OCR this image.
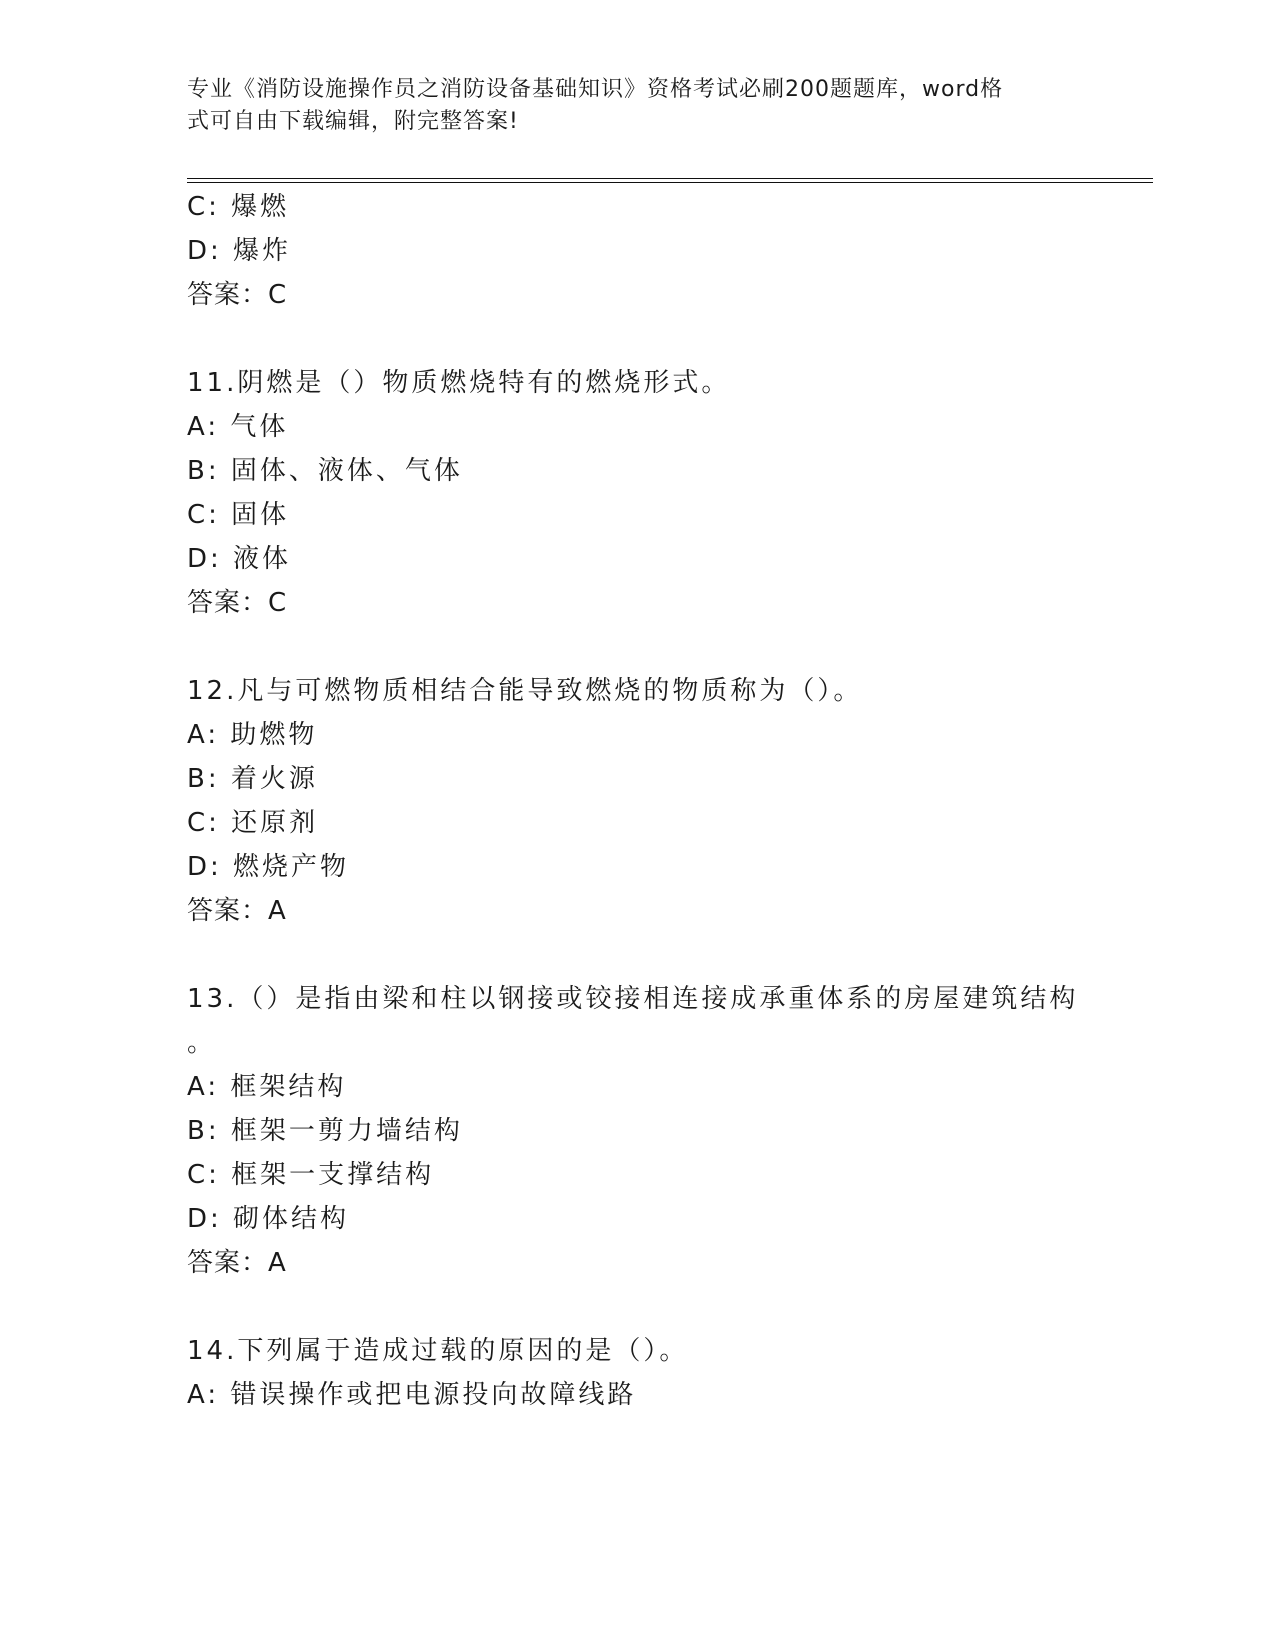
专业《消防设施操作员之消防设备基础知识》资格考试必刷200题题库，word格
式可自由下载编辑，附完整答案!
C: 爆燃
D: 爆炸
答案：C
11.阴燃是（）物质燃烧特有的燃烧形式。
A: 气体
B: 固体、液体、气体
C: 固体
D: 液体
答案：C
12.凡与可燃物质相结合能导致燃烧的物质称为（）。
A: 助燃物
B: 着火源
C: 还原剂
D: 燃烧产物
答案：A
13.（）是指由梁和柱以钢接或铰接相连接成承重体系的房屋建筑结构
。
A: 框架结构
B: 框架一剪力墙结构
C: 框架一支撑结构
D: 砌体结构
答案：A
14.下列属于造成过载的原因的是（）。
A: 错误操作或把电源投向故障线路
